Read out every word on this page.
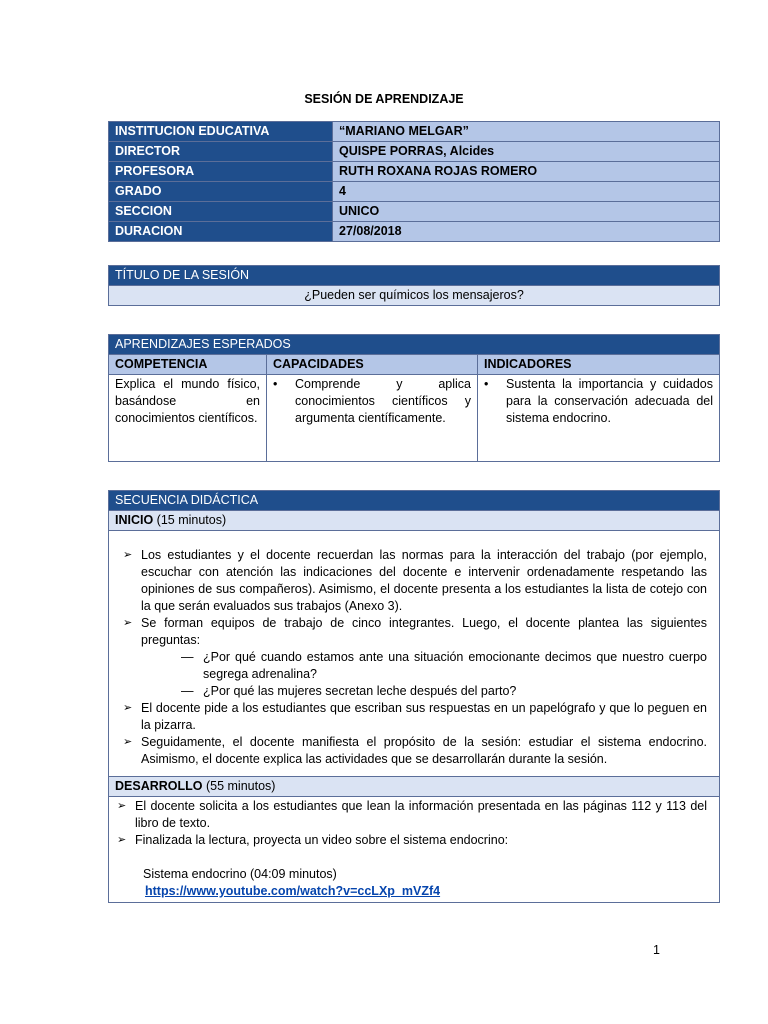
SESIÓN DE APRENDIZAJE
INSTITUCION EDUCATIVA	“MARIANO MELGAR”
DIRECTOR	QUISPE PORRAS, Alcides
PROFESORA	RUTH ROXANA ROJAS ROMERO
GRADO	4
SECCION	UNICO
DURACION	27/08/2018
TÍTULO DE LA SESIÓN
¿Pueden ser químicos los mensajeros?
APRENDIZAJES ESPERADOS		
COMPETENCIA	CAPACIDADES	INDICADORES
Explica el mundo físico, basándose en conocimientos científicos.	• Comprende y aplica conocimientos científicos y argumenta científicamente.	• Sustenta la importancia y cuidados para la conservación adecuada del sistema endocrino.
SECUENCIA DIDÁCTICA
INICIO (15 minutos)

➢ Los estudiantes y el docente recuerdan las normas para la interacción del trabajo (por ejemplo, escuchar con atención las indicaciones del docente e intervenir ordenadamente respetando las opiniones de sus compañeros). Asimismo, el docente presenta a los estudiantes la lista de cotejo con la que serán evaluados sus trabajos (Anexo 3).
➢ Se forman equipos de trabajo de cinco integrantes. Luego, el docente plantea las siguientes preguntas:
— ¿Por qué cuando estamos ante una situación emocionante decimos que nuestro cuerpo segrega adrenalina?
— ¿Por qué las mujeres secretan leche después del parto?
➢ El docente pide a los estudiantes que escriban sus respuestas en un papelógrafo y que lo peguen en la pizarra.
➢ Seguidamente, el docente manifiesta el propósito de la sesión: estudiar el sistema endocrino. Asimismo, el docente explica las actividades que se desarrollarán durante la sesión.

DESARROLLO (55 minutos)

➢ El docente solicita a los estudiantes que lean la información presentada en las páginas 112 y 113 del libro de texto.
➢ Finalizada la lectura, proyecta un video sobre el sistema endocrino:
Sistema endocrino (04:09 minutos)
https://www.youtube.com/watch?v=ccLXp_mVZf4
1
